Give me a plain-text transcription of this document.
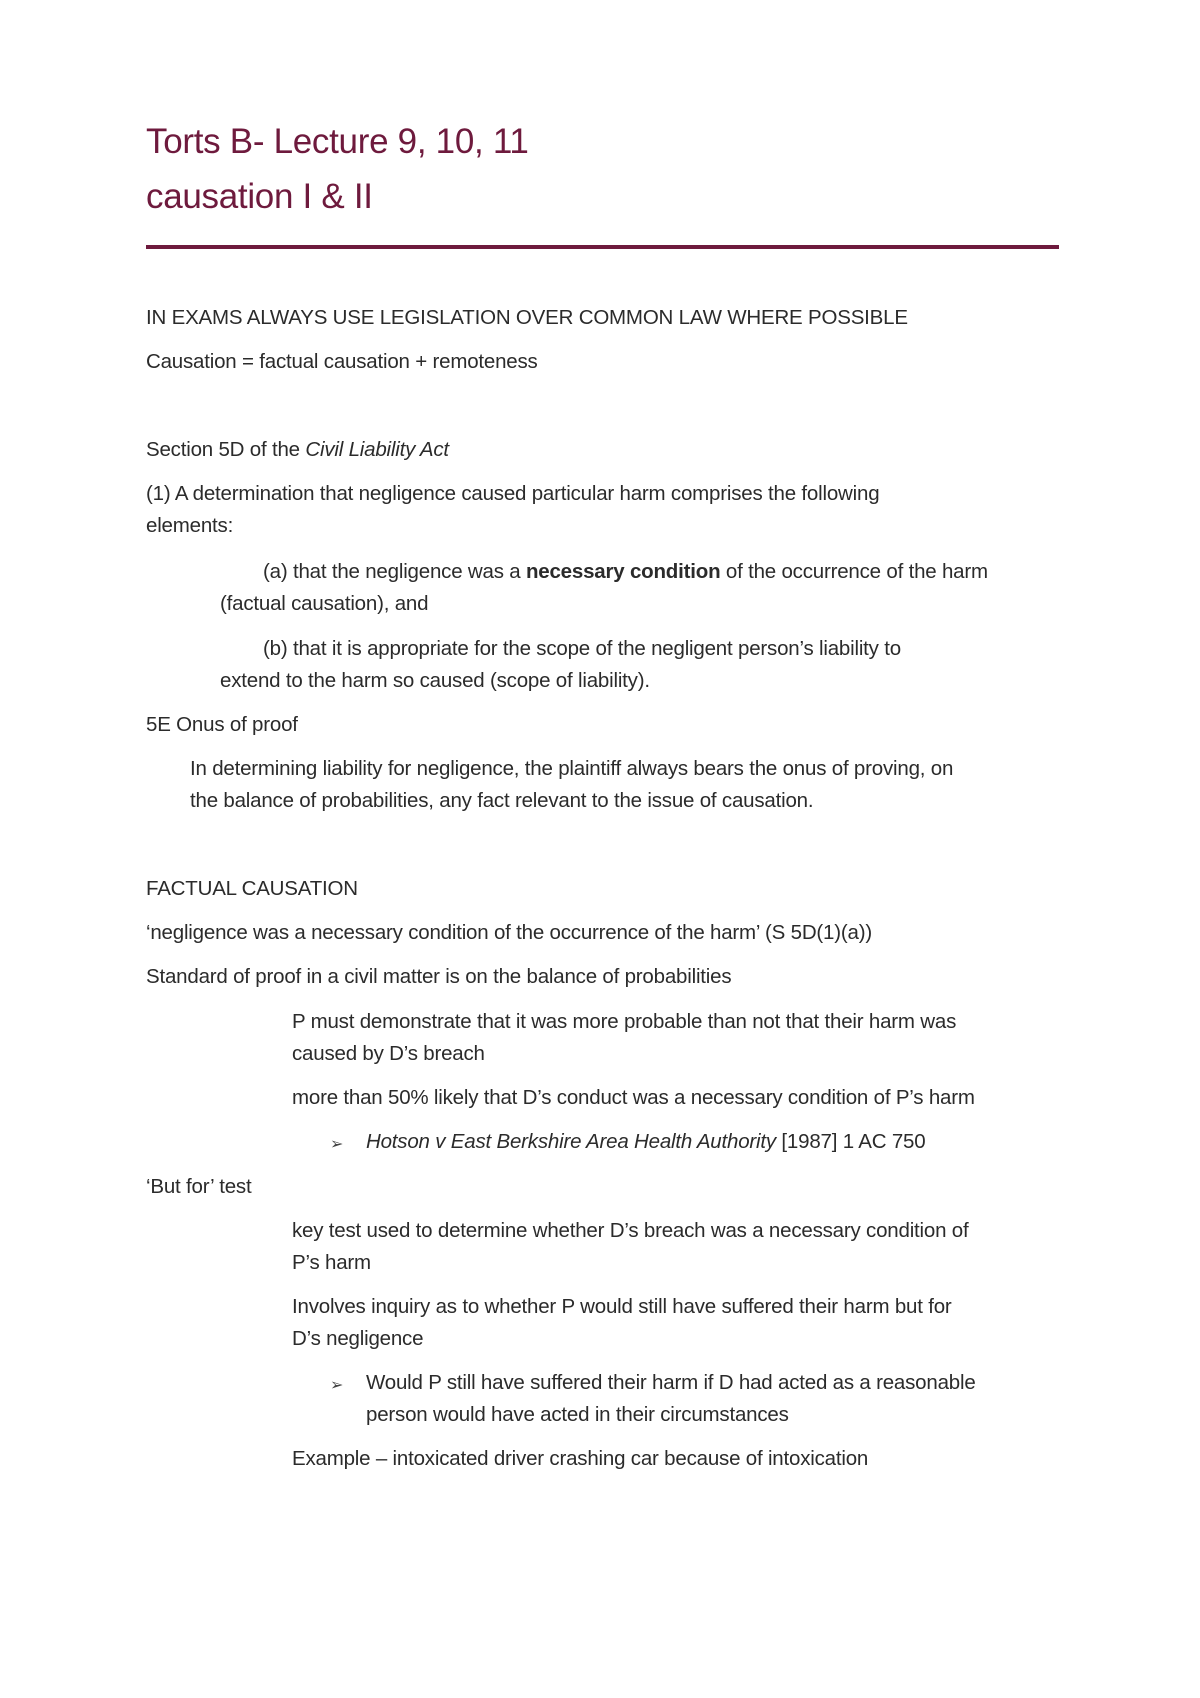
Torts B- Lecture 9, 10, 11
causation I & II
IN EXAMS ALWAYS USE LEGISLATION OVER COMMON LAW WHERE POSSIBLE
Causation = factual causation + remoteness
Section 5D of the Civil Liability Act
(1) A determination that negligence caused particular harm comprises the following
elements:
(a) that the negligence was a necessary condition of the occurrence of the harm
(factual causation), and
(b) that it is appropriate for the scope of the negligent person’s liability to
extend to the harm so caused (scope of liability).
5E Onus of proof
In determining liability for negligence, the plaintiff always bears the onus of proving, on
the balance of probabilities, any fact relevant to the issue of causation.
FACTUAL CAUSATION
‘negligence was a necessary condition of the occurrence of the harm’ (S 5D(1)(a))
Standard of proof in a civil matter is on the balance of probabilities
P must demonstrate that it was more probable than not that their harm was
caused by D’s breach
more than 50% likely that D’s conduct was a necessary condition of P’s harm
➢ Hotson v East Berkshire Area Health Authority [1987] 1 AC 750
‘But for’ test
key test used to determine whether D’s breach was a necessary condition of
P’s harm
Involves inquiry as to whether P would still have suffered their harm but for
D’s negligence
➢ Would P still have suffered their harm if D had acted as a reasonable
person would have acted in their circumstances
Example – intoxicated driver crashing car because of intoxication
